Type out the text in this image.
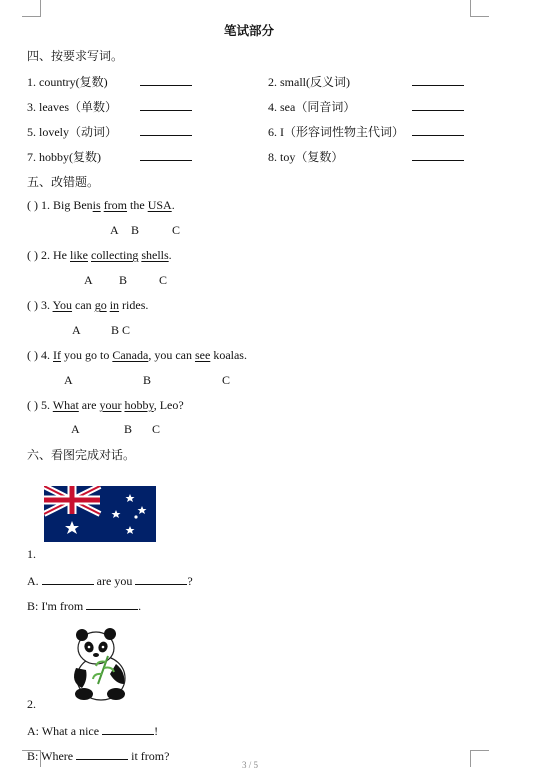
笔试部分
四、按要求写词。
1. country(复数)	2. small(反义词)
3. leaves（单数）	4. sea（同音词）
5. lovely（动词）	6. I（形容词性物主代词）
7. hobby(复数)	8. toy（复数）
五、改错题。
( ) 1. Big Benis from the USA.
A B	C
( ) 2. He like collecting shells.
A B	C
( ) 3. You can go in rides.
A	B C
( ) 4. If you go to Canada, you can see koalas.
A	B	C
( ) 5. What are your hobby, Leo?
A	B C
六、看图完成对话。
1.
A.	are you	?
B: I'm from	.
2.
A: What a nice	!
B: Where	it from?
3 / 5
